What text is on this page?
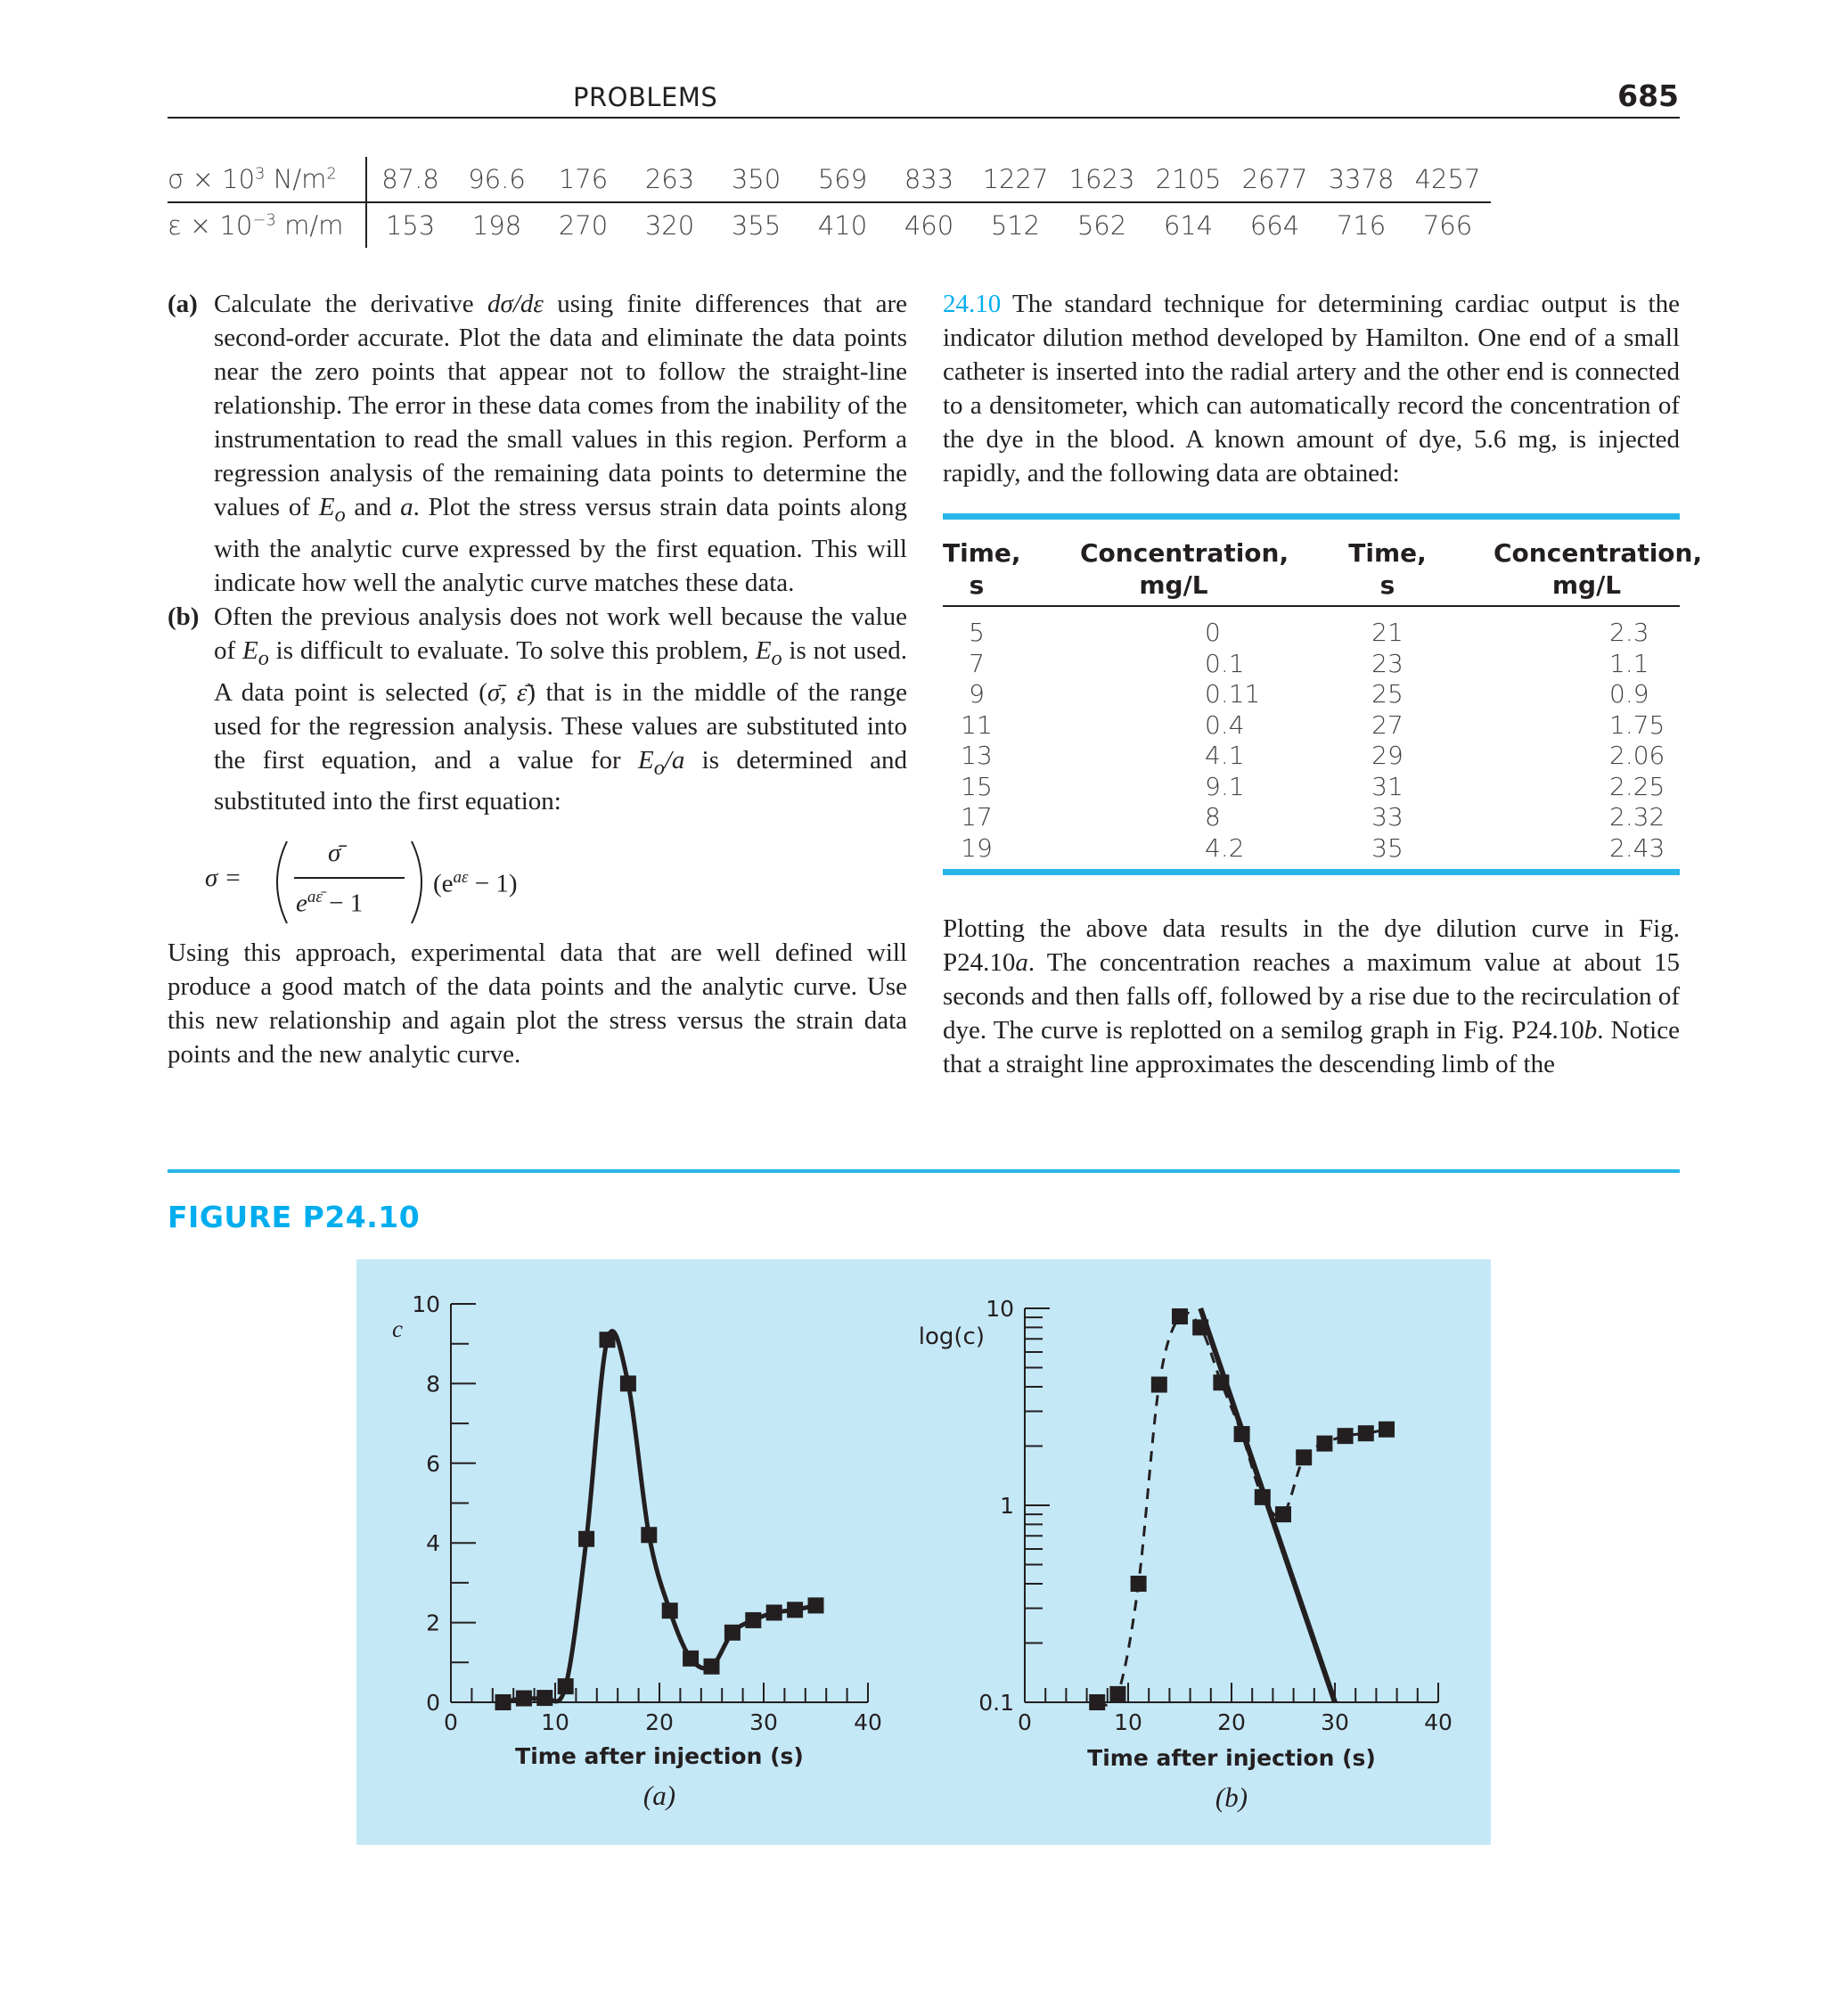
PROBLEMS	685
$\sigma \times 10^3$ $N/m^2$	87.8	96.6	176	263	350	569	833	1227	1623	2105	2677	3378	4257
$\varepsilon \times 10^{-3}$ m/m	153	198	270	320	355	410	460	512	562	614	664	716	766
(a) Calculate the derivative dσ/dε using finite differences that are second-order accurate. Plot the data and eliminate the data points near the zero points that appear not to follow the straight-line relationship. The error in these data comes from the inability of the instrumentation to read the small values in this region. Perform a regression analysis of the remaining data points to determine the values of $E_o$ and a. Plot the stress versus strain data points along with the analytic curve expressed by the first equation. This will indicate how well the analytic curve matches these data.
(b) Often the previous analysis does not work well because the value of $E_o$ is difficult to evaluate. To solve this problem, $E_o$ is not used. A data point is selected (σ̄, ε̄) that is in the middle of the range used for the regression analysis. These values are substituted into the first equation, and a value for $E_o/a$ is determined and substituted into the first equation:
σ =
σ̄
$e^{a\varepsilon̄} - 1$
$(e^{a\varepsilon} - 1)$

Using this approach, experimental data that are well defined will produce a good match of the data points and the analytic curve. Use this new relationship and again plot the stress versus the strain data points and the new analytic curve.

24.10 The standard technique for determining cardiac output is the indicator dilution method developed by Hamilton. One end of a small catheter is inserted into the radial artery and the other end is connected to a densitometer, which can automatically record the concentration of the dye in the blood. A known amount of dye, 5.6 mg, is injected rapidly, and the following data are obtained:

Time,
s
Concentration,
mg/L
Time,
s
Concentration,
mg/L
5	0	21	2.3
7	0.1	23	1.1
9	0.11	25	0.9
11	0.4	27	1.75
13	4.1	29	2.06
15	9.1	31	2.25
17	8	33	2.32
19	4.2	35	2.43

Plotting the above data results in the dye dilution curve in Fig. P24.10a. The concentration reaches a maximum value at about 15 seconds and then falls off, followed by a rise due to the recirculation of dye. The curve is replotted on a semilog graph in Fig. P24.10b. Notice that a straight line approximates the descending limb of the

FIGURE P24.10
0
2
4
6
8
10
0	10	20	30	40
Time after injection (s)
(a)
c
0.1
1
10
0	10	20	30	40
Time after injection (s)
(b)
log(c)
